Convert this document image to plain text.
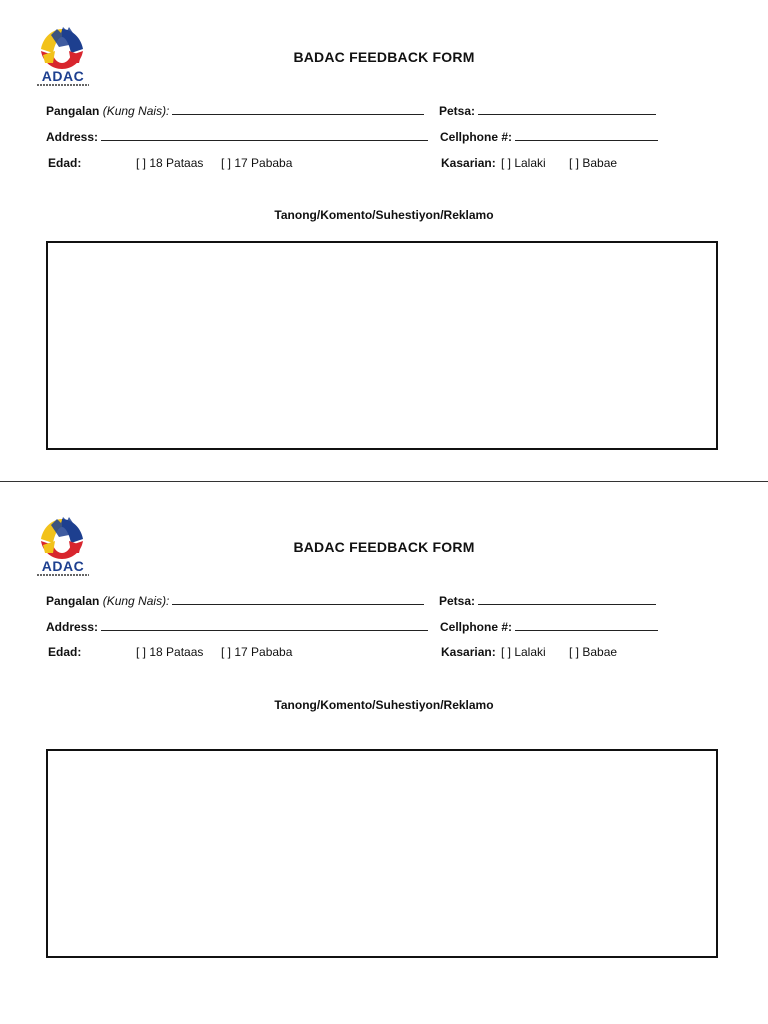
ADAC
BADAC FEEDBACK FORM
Pangalan (Kung Nais):	Petsa:
Address:	Cellphone #:
Edad:	[ ] 18 Pataas [ ] 17 Pababa	Kasarian: [ ] Lalaki [ ] Babae
Tanong/Komento/Suhestiyon/Reklamo
ADAC
BADAC FEEDBACK FORM
Pangalan (Kung Nais):	Petsa:
Address:	Cellphone #:
Edad:	[ ] 18 Pataas [ ] 17 Pababa	Kasarian: [ ] Lalaki [ ] Babae
Tanong/Komento/Suhestiyon/Reklamo
